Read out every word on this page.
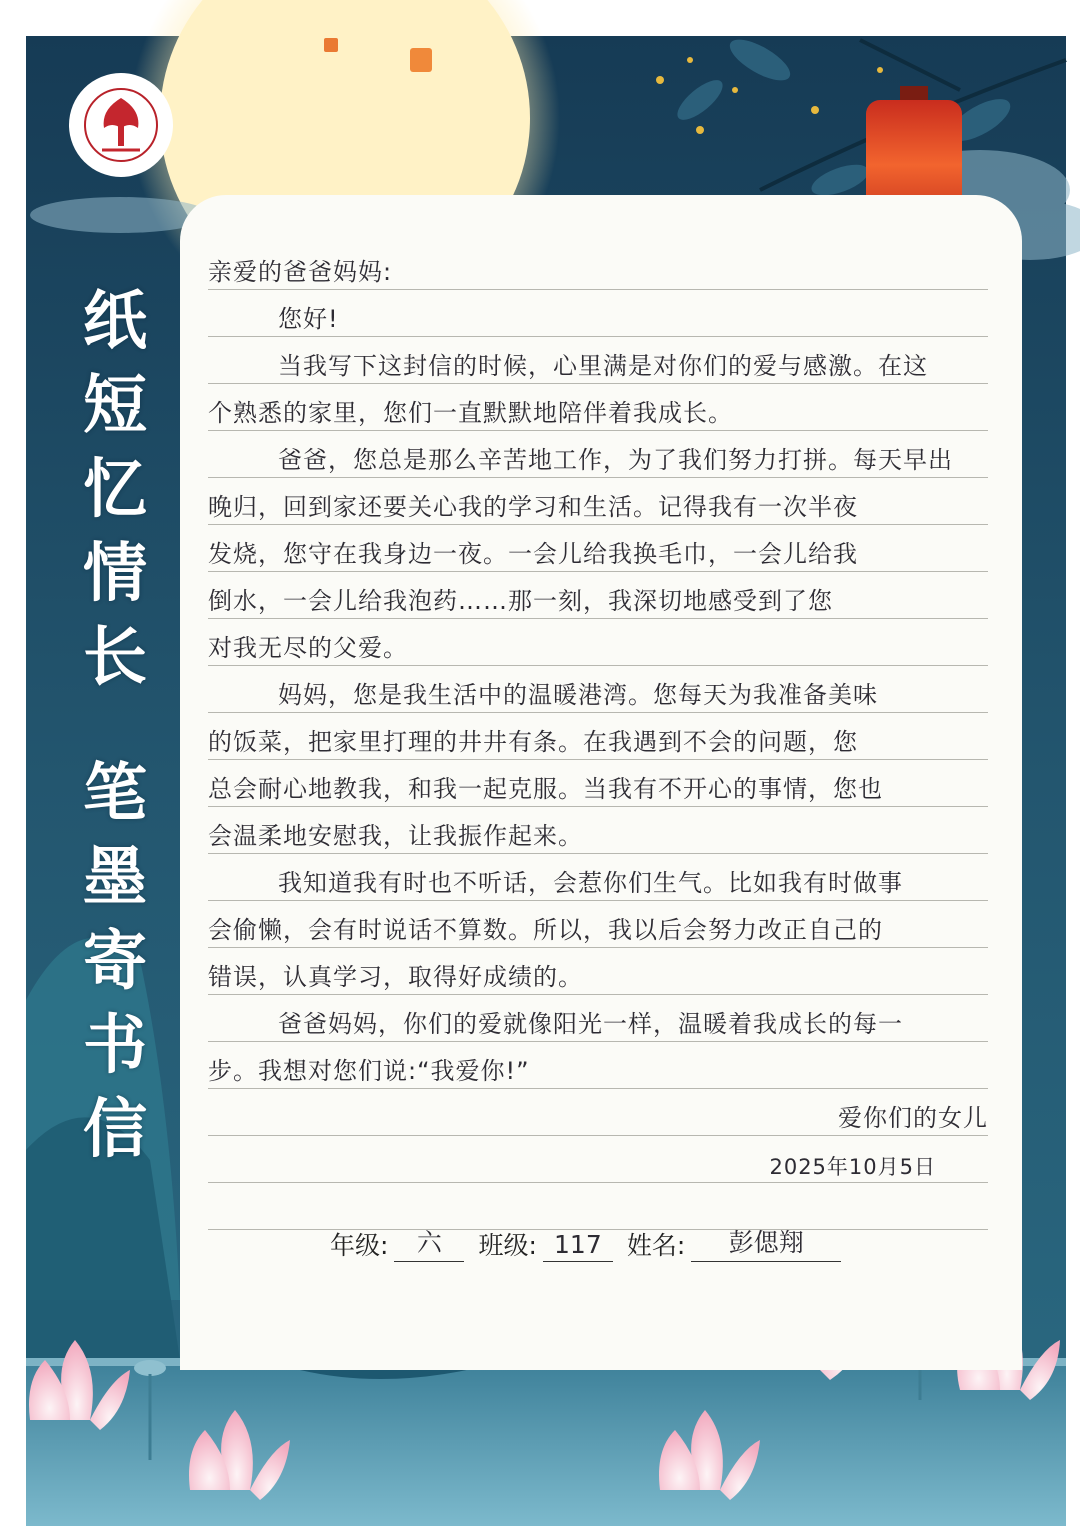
纸
短
忆
情
长
笔
墨
寄
书
信
亲爱的爸爸妈妈:
您好!
当我写下这封信的时候，心里满是对你们的爱与感激。在这
个熟悉的家里，您们一直默默地陪伴着我成长。
爸爸，您总是那么辛苦地工作，为了我们努力打拼。每天早出
晚归，回到家还要关心我的学习和生活。记得我有一次半夜
发烧，您守在我身边一夜。一会儿给我换毛巾，一会儿给我
倒水，一会儿给我泡药……那一刻，我深切地感受到了您
对我无尽的父爱。
妈妈，您是我生活中的温暖港湾。您每天为我准备美味
的饭菜，把家里打理的井井有条。在我遇到不会的问题，您
总会耐心地教我，和我一起克服。当我有不开心的事情，您也
会温柔地安慰我，让我振作起来。
我知道我有时也不听话，会惹你们生气。比如我有时做事
会偷懒，会有时说话不算数。所以，我以后会努力改正自己的
错误，认真学习，取得好成绩的。
爸爸妈妈，你们的爱就像阳光一样，温暖着我成长的每一
步。我想对您们说:“我爱你!”
爱你们的女儿
2025年10月5日
年级:	六	班级: 117	姓名:	彭偲翔
